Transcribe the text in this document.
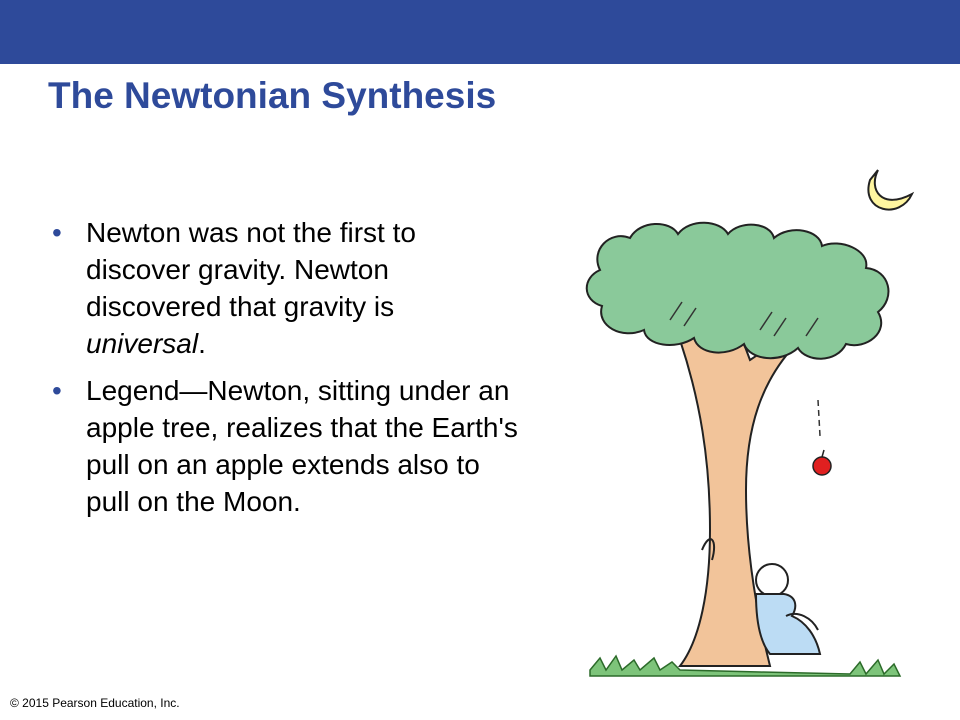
The Newtonian Synthesis
• Newton was not the first to discover gravity. Newton discovered that gravity is universal.
• Legend—Newton, sitting under an apple tree, realizes that the Earth's pull on an apple extends also to pull on the Moon.
© 2015 Pearson Education, Inc.
